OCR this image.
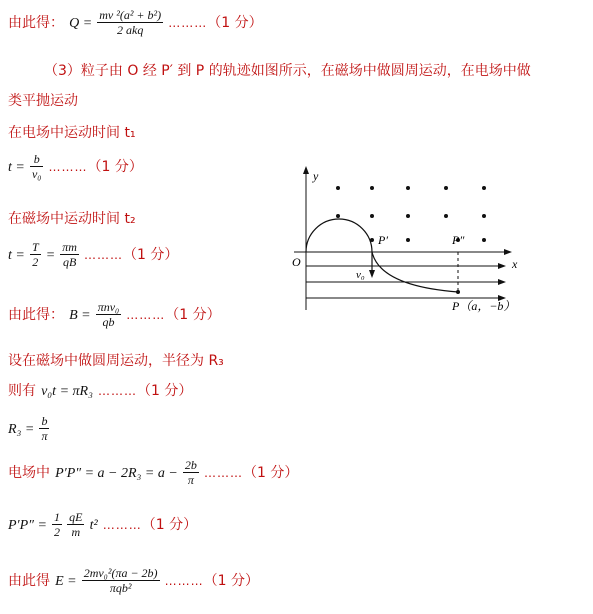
由此得： $Q = \frac{\text{mv ²(a² + b²)}}{\text{2 akq}}$ ………（1 分）
（3）粒子由 O 经 P′ 到 P 的轨迹如图所示，在磁场中做圆周运动，在电场中做
类平抛运动
在电场中运动时间 t₁
$t = \frac{b}{\text{v₀}}$ ………（1 分）
在磁场中运动时间 t₂
$t = \frac{T}{2} = \frac{\pi m}{qB}$ ………（1 分）
由此得： $B = \frac{\text{πnv₀}}{qb}$ ………（1 分）
设在磁场中做圆周运动，半径为 R₃
则有 v₀t = πR₃ ………（1 分）
$R_3 = \frac{b}{\pi}$
电场中 $P'P'' = a - 2R_3 = a - \frac{2b}{\pi}$ ………（1 分）
$P'P'' = \frac{1}{2}$
$\frac{qE}{m} t^2$ ………（1 分）
由此得 $E = \frac{\text{2mv₀²(πa − 2b)}}{\text{πqb²}}$ ………（1 分）
y
x
O
P′
v₀
P″
P（a，−b）
